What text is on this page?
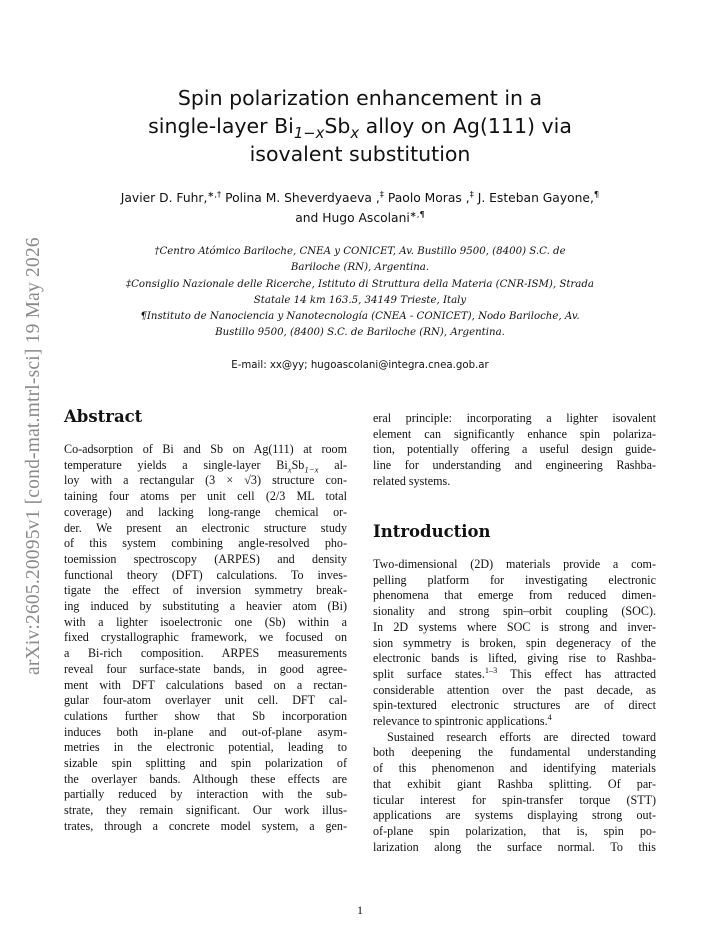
arXiv:2605.20095v1 [cond-mat.mtrl-sci] 19 May 2026
Spin polarization enhancement in a
single-layer $Bi_{1-x}Sb_x$ alloy on Ag(111) via
isovalent substitution
Javier D. Fuhr,∗,† Polina M. Sheverdyaeva ,‡ Paolo Moras ,‡ J. Esteban Gayone,¶
and Hugo Ascolani∗,¶
†Centro Atómico Bariloche, CNEA y CONICET, Av. Bustillo 9500, (8400) S.C. de
Bariloche (RN), Argentina.
‡Consiglio Nazionale delle Ricerche, Istituto di Struttura della Materia (CNR-ISM), Strada
Statale 14 km 163.5, 34149 Trieste, Italy
¶Instituto de Nanociencia y Nanotecnología (CNEA - CONICET), Nodo Bariloche, Av.
Bustillo 9500, (8400) S.C. de Bariloche (RN), Argentina.
E-mail: xx@yy; hugoascolani@integra.cnea.gob.ar
Abstract
Co-adsorption of Bi and Sb on Ag(111) at room
temperature yields a single-layer $Bi_xSb_{1-x}$ al-
loy with a rectangular (3 × √3) structure con-
taining four atoms per unit cell (2/3 ML total
coverage) and lacking long-range chemical or-
der. We present an electronic structure study
of this system combining angle-resolved pho-
toemission spectroscopy (ARPES) and density
functional theory (DFT) calculations. To inves-
tigate the effect of inversion symmetry break-
ing induced by substituting a heavier atom (Bi)
with a lighter isoelectronic one (Sb) within a
fixed crystallographic framework, we focused on
a Bi-rich composition. ARPES measurements
reveal four surface-state bands, in good agree-
ment with DFT calculations based on a rectan-
gular four-atom overlayer unit cell. DFT cal-
culations further show that Sb incorporation
induces both in-plane and out-of-plane asym-
metries in the electronic potential, leading to
sizable spin splitting and spin polarization of
the overlayer bands. Although these effects are
partially reduced by interaction with the sub-
strate, they remain significant. Our work illus-
trates, through a concrete model system, a gen-
eral principle: incorporating a lighter isovalent
element can significantly enhance spin polariza-
tion, potentially offering a useful design guide-
line for understanding and engineering Rashba-
related systems.
Introduction
Two-dimensional (2D) materials provide a com-
pelling platform for investigating electronic
phenomena that emerge from reduced dimen-
sionality and strong spin–orbit coupling (SOC).
In 2D systems where SOC is strong and inver-
sion symmetry is broken, spin degeneracy of the
electronic bands is lifted, giving rise to Rashba-
split surface states.$^{1-3}$ This effect has attracted
considerable attention over the past decade, as
spin-textured electronic structures are of direct
relevance to spintronic applications.$^4$
Sustained research efforts are directed toward
both deepening the fundamental understanding
of this phenomenon and identifying materials
that exhibit giant Rashba splitting. Of par-
ticular interest for spin-transfer torque (STT)
applications are systems displaying strong out-
of-plane spin polarization, that is, spin po-
larization along the surface normal. To this
1
